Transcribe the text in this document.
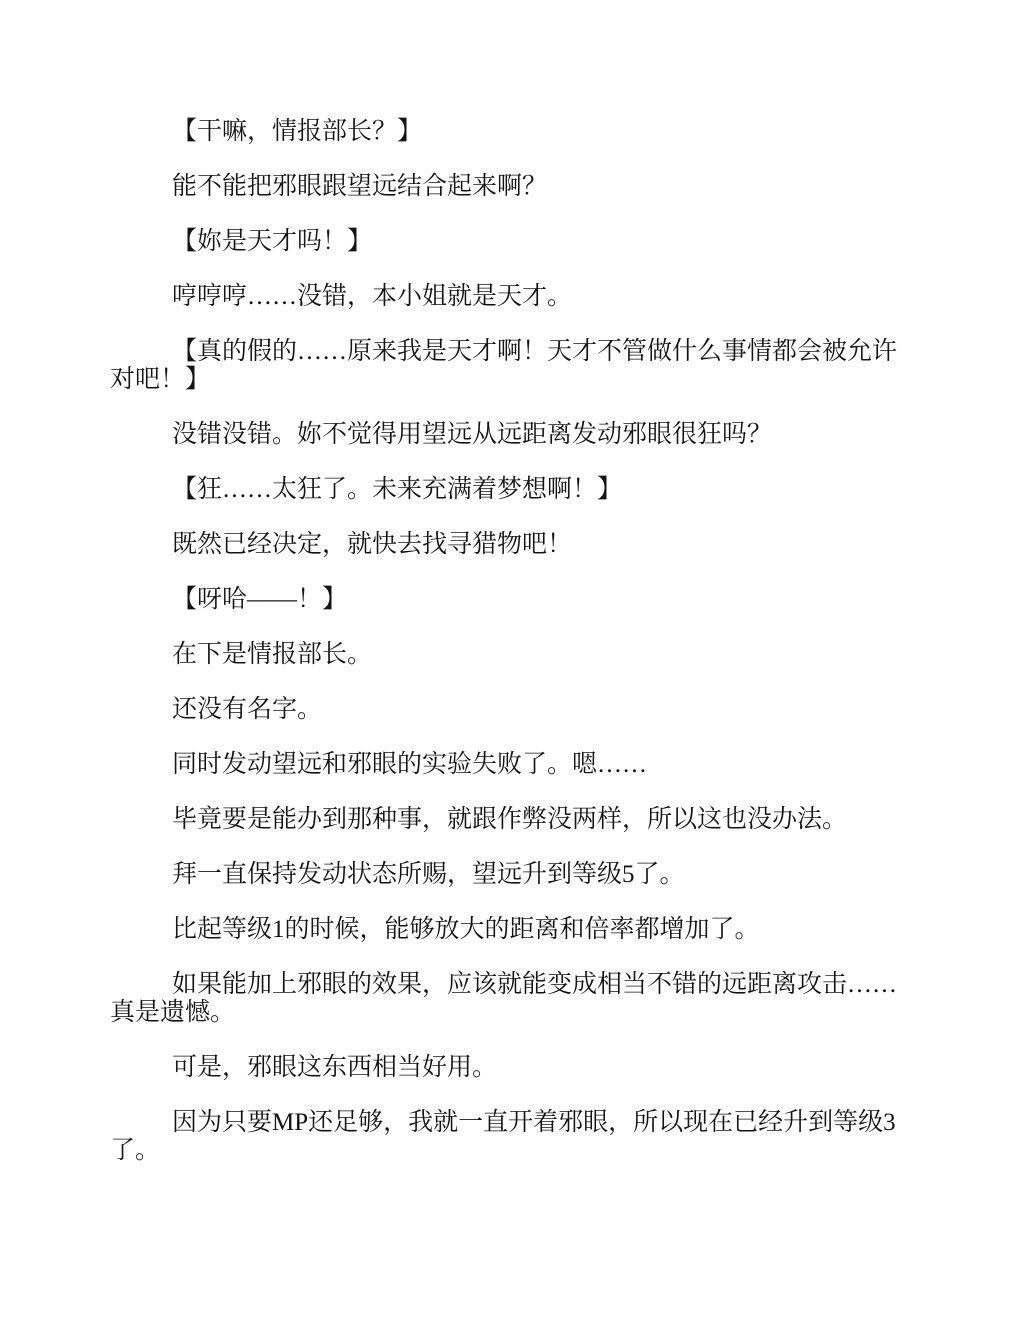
【干嘛，情报部长？】

能不能把邪眼跟望远结合起来啊？

【妳是天才吗！】

哼哼哼……没错，本小姐就是天才。

【真的假的……原来我是天才啊！天才不管做什么事情都会被允许对吧！】

没错没错。妳不觉得用望远从远距离发动邪眼很狂吗？

【狂……太狂了。未来充满着梦想啊！】

既然已经决定，就快去找寻猎物吧！

【呀哈——！】

在下是情报部长。

还没有名字。

同时发动望远和邪眼的实验失败了。嗯……

毕竟要是能办到那种事，就跟作弊没两样，所以这也没办法。

拜一直保持发动状态所赐，望远升到等级5了。

比起等级1的时候，能够放大的距离和倍率都增加了。

如果能加上邪眼的效果，应该就能变成相当不错的远距离攻击……真是遗憾。

可是，邪眼这东西相当好用。

因为只要MP还足够，我就一直开着邪眼，所以现在已经升到等级3了。
